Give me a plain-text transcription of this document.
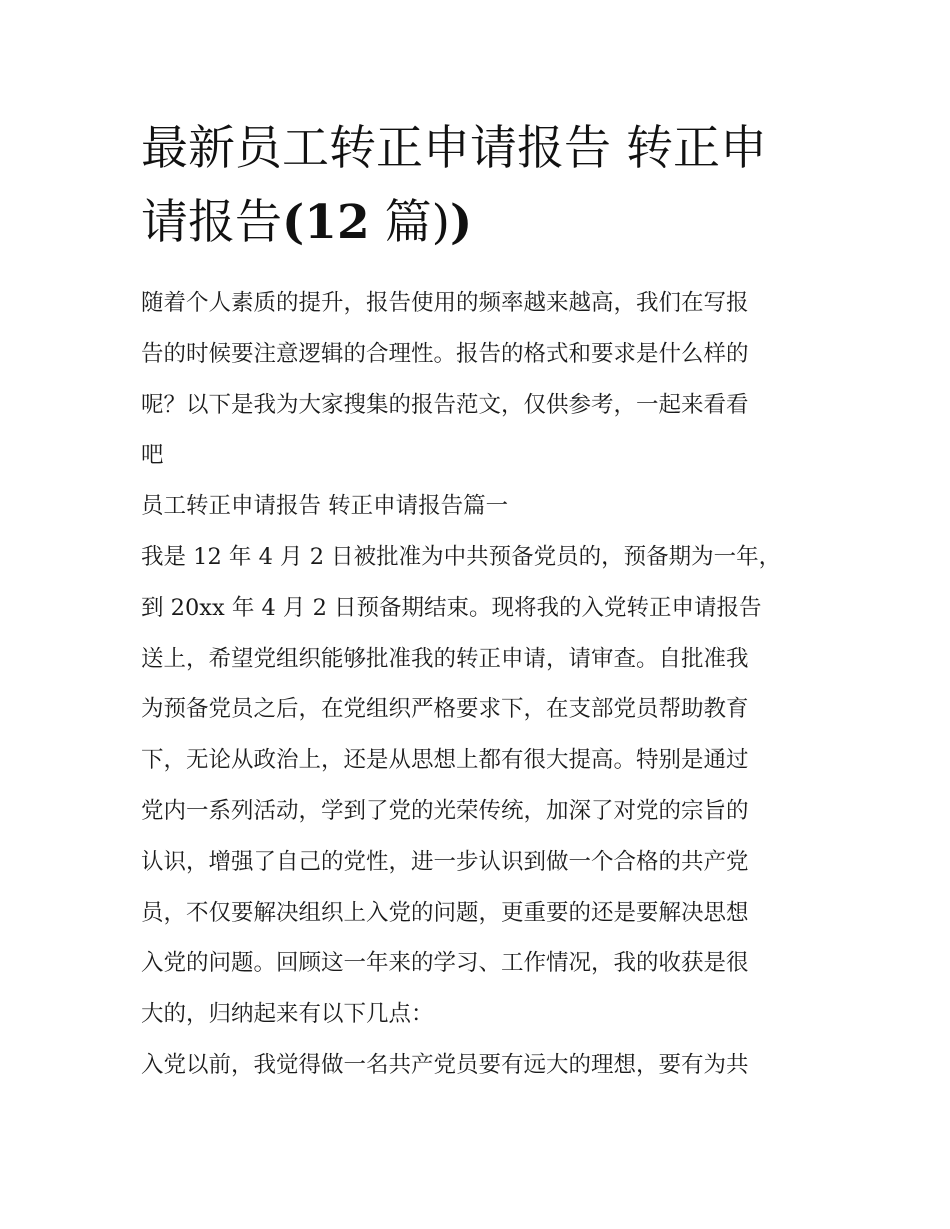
最新员工转正申请报告 转正申
请报告(12 篇))

随着个人素质的提升，报告使用的频率越来越高，我们在写报
告的时候要注意逻辑的合理性。报告的格式和要求是什么样的
呢？以下是我为大家搜集的报告范文，仅供参考，一起来看看
吧

员工转正申请报告 转正申请报告篇一

我是 12 年 4 月 2 日被批准为中共预备党员的，预备期为一年，
到 20xx 年 4 月 2 日预备期结束。现将我的入党转正申请报告
送上，希望党组织能够批准我的转正申请，请审查。自批准我
为预备党员之后，在党组织严格要求下，在支部党员帮助教育
下，无论从政治上，还是从思想上都有很大提高。特别是通过
党内一系列活动，学到了党的光荣传统，加深了对党的宗旨的
认识，增强了自己的党性，进一步认识到做一个合格的共产党
员，不仅要解决组织上入党的问题，更重要的还是要解决思想
入党的问题。回顾这一年来的学习、工作情况，我的收获是很
大的，归纳起来有以下几点：

入党以前，我觉得做一名共产党员要有远大的理想，要有为共
